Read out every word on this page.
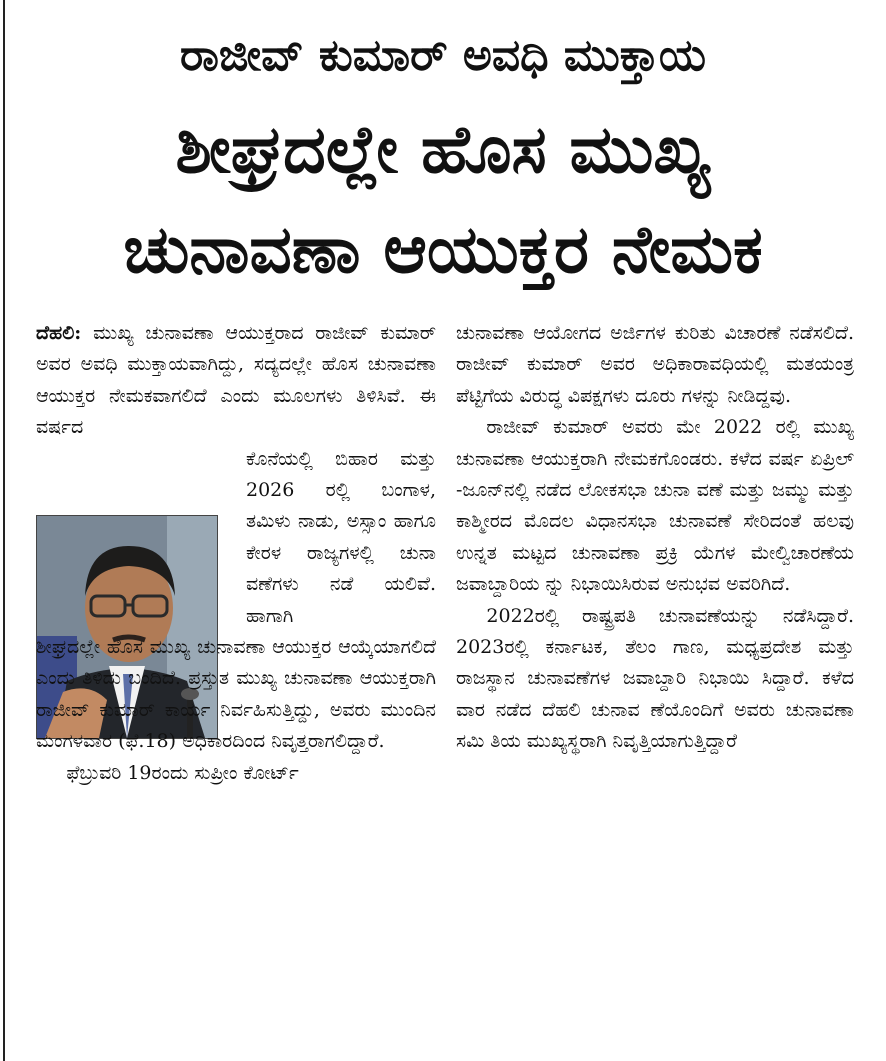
ರಾಜೀವ್ ಕುಮಾರ್ ಅವಧಿ ಮುಕ್ತಾಯ
ಶೀಘ್ರದಲ್ಲೇ ಹೊಸ ಮುಖ್ಯ
ಚುನಾವಣಾ ಆಯುಕ್ತರ ನೇಮಕ

ದೆಹಲಿ: ಮುಖ್ಯ ಚುನಾವಣಾ ಆಯುಕ್ತರಾದ ರಾಜೀವ್ ಕುಮಾರ್ ಅವರ ಅವಧಿ ಮುಕ್ತಾಯವಾಗಿದ್ದು, ಸದ್ಯದಲ್ಲೇ ಹೊಸ ಚುನಾವಣಾ ಆಯುಕ್ತರ ನೇಮಕವಾಗಲಿದೆ ಎಂದು ಮೂಲಗಳು ತಿಳಿಸಿವೆ. ಈ ವರ್ಷದ

ಕೊನೆಯಲ್ಲಿ ಬಿಹಾರ ಮತ್ತು 2026 ರಲ್ಲಿ ಬಂಗಾಳ, ತಮಿಳು ನಾಡು, ಅಸ್ಸಾಂ ಹಾಗೂ ಕೇರಳ ರಾಜ್ಯಗಳಲ್ಲಿ ಚುನಾ ವಣೆಗಳು ನಡೆ ಯಲಿವೆ. ಹಾಗಾಗಿ

ಶೀಘ್ರದಲ್ಲೇ ಹೊಸ ಮುಖ್ಯ ಚುನಾವಣಾ ಆಯುಕ್ತರ ಆಯ್ಕೆಯಾಗಲಿದೆ ಎಂದು ತಿಳಿದು ಬಂದಿದೆ. ಪ್ರಸ್ತುತ ಮುಖ್ಯ ಚುನಾವಣಾ ಆಯುಕ್ತರಾಗಿ ರಾಜೀವ್ ಕುಮಾರ್ ಕಾರ್ಯ ನಿರ್ವಹಿಸುತ್ತಿದ್ದು, ಅವರು ಮುಂದಿನ ಮಂಗಳವಾರ (ಫೆ.18) ಅಧಿಕಾರದಿಂದ ನಿವೃತ್ತರಾಗಲಿದ್ದಾರೆ.

ಫೆಬ್ರುವರಿ 19ರಂದು ಸುಪ್ರೀಂ ಕೋರ್ಟ್

ಚುನಾವಣಾ ಆಯೋಗದ ಅರ್ಜಿಗಳ ಕುರಿತು ವಿಚಾರಣೆ ನಡೆಸಲಿದೆ. ರಾಜೀವ್ ಕುಮಾರ್ ಅವರ ಅಧಿಕಾರಾವಧಿಯಲ್ಲಿ ಮತಯಂತ್ರ ಪೆಟ್ಟಿಗೆಯ ವಿರುದ್ಧ ವಿಪಕ್ಷಗಳು ದೂರು ಗಳನ್ನು ನೀಡಿದ್ದವು.

ರಾಜೀವ್ ಕುಮಾರ್ ಅವರು ಮೇ 2022 ರಲ್ಲಿ ಮುಖ್ಯ ಚುನಾವಣಾ ಆಯುಕ್ತರಾಗಿ ನೇಮಕಗೊಂಡರು. ಕಳೆದ ವರ್ಷ ಏಪ್ರಿಲ್ -ಜೂನ್‌ನಲ್ಲಿ ನಡೆದ ಲೋಕಸಭಾ ಚುನಾ ವಣೆ ಮತ್ತು ಜಮ್ಮು ಮತ್ತು ಕಾಶ್ಮೀರದ ಮೊದಲ ವಿಧಾನಸಭಾ ಚುನಾವಣೆ ಸೇರಿದಂತೆ ಹಲವು ಉನ್ನತ ಮಟ್ಟದ ಚುನಾವಣಾ ಪ್ರಕ್ರಿ ಯೆಗಳ ಮೇಲ್ವಿಚಾರಣೆಯ ಜವಾಬ್ದಾರಿಯ ನ್ನು ನಿಭಾಯಿಸಿರುವ ಅನುಭವ ಅವರಿಗಿದೆ.

2022ರಲ್ಲಿ ರಾಷ್ಟ್ರಪತಿ ಚುನಾವಣೆಯನ್ನು ನಡೆಸಿದ್ದಾರೆ. 2023ರಲ್ಲಿ ಕರ್ನಾಟಕ, ತೆಲಂ ಗಾಣ, ಮಧ್ಯಪ್ರದೇಶ ಮತ್ತು ರಾಜಸ್ಥಾನ ಚುನಾವಣೆಗಳ ಜವಾಬ್ದಾರಿ ನಿಭಾಯಿ ಸಿದ್ದಾರೆ. ಕಳೆದ ವಾರ ನಡೆದ ದೆಹಲಿ ಚುನಾವ ಣೆಯೊಂದಿಗೆ ಅವರು ಚುನಾವಣಾ ಸಮಿ ತಿಯ ಮುಖ್ಯಸ್ಥರಾಗಿ ನಿವೃತ್ತಿಯಾಗುತ್ತಿದ್ದಾರೆ
